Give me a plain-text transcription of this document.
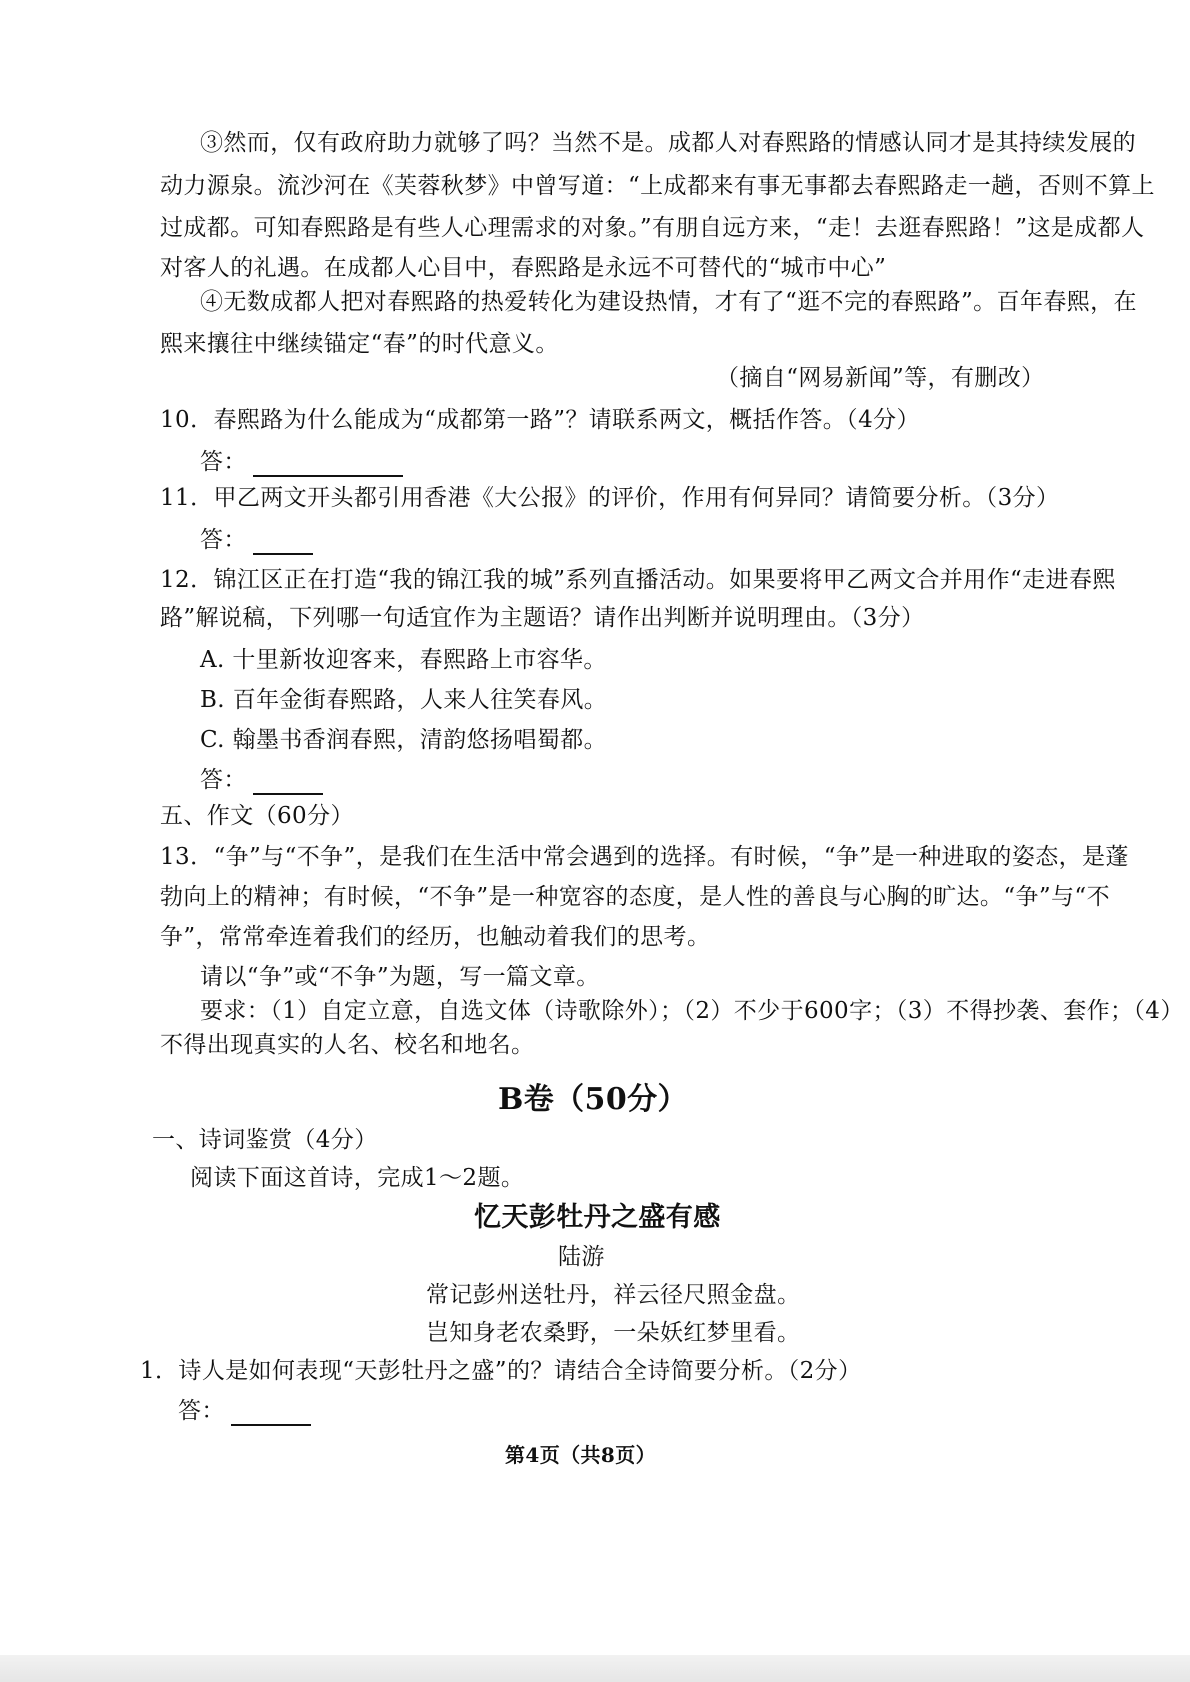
③然而，仅有政府助力就够了吗？当然不是。成都人对春熙路的情感认同才是其持续发展的
动力源泉。流沙河在《芙蓉秋梦》中曾写道：“上成都来有事无事都去春熙路走一趟，否则不算上
过成都。可知春熙路是有些人心理需求的对象。”有朋自远方来，“走！去逛春熙路！”这是成都人
对客人的礼遇。在成都人心目中，春熙路是永远不可替代的“城市中心”
④无数成都人把对春熙路的热爱转化为建设热情，才有了“逛不完的春熙路”。百年春熙，在
熙来攘往中继续锚定“春”的时代意义。
（摘自“网易新闻”等，有删改）
10．春熙路为什么能成为“成都第一路”？请联系两文，概括作答。（4分）
答：
11．甲乙两文开头都引用香港《大公报》的评价，作用有何异同？请简要分析。（3分）
答：
12．锦江区正在打造“我的锦江我的城”系列直播活动。如果要将甲乙两文合并用作“走进春熙
路”解说稿，下列哪一句适宜作为主题语？请作出判断并说明理由。（3分）
A. 十里新妆迎客来，春熙路上市容华。
B. 百年金街春熙路，人来人往笑春风。
C. 翰墨书香润春熙，清韵悠扬唱蜀都。
答：
五、作文（60分）
13．“争”与“不争”，是我们在生活中常会遇到的选择。有时候，“争”是一种进取的姿态，是蓬
勃向上的精神；有时候，“不争”是一种宽容的态度，是人性的善良与心胸的旷达。“争”与“不
争”，常常牵连着我们的经历，也触动着我们的思考。
请以“争”或“不争”为题，写一篇文章。
要求：（1）自定立意，自选文体（诗歌除外）；（2）不少于600字；（3）不得抄袭、套作；（4）
不得出现真实的人名、校名和地名。
B卷（50分）
一、诗词鉴赏（4分）
阅读下面这首诗，完成1～2题。
忆天彭牡丹之盛有感
陆游
常记彭州送牡丹，祥云径尺照金盘。
岂知身老农桑野，一朵妖红梦里看。
1．诗人是如何表现“天彭牡丹之盛”的？请结合全诗简要分析。（2分）
答：
第4页（共8页）
